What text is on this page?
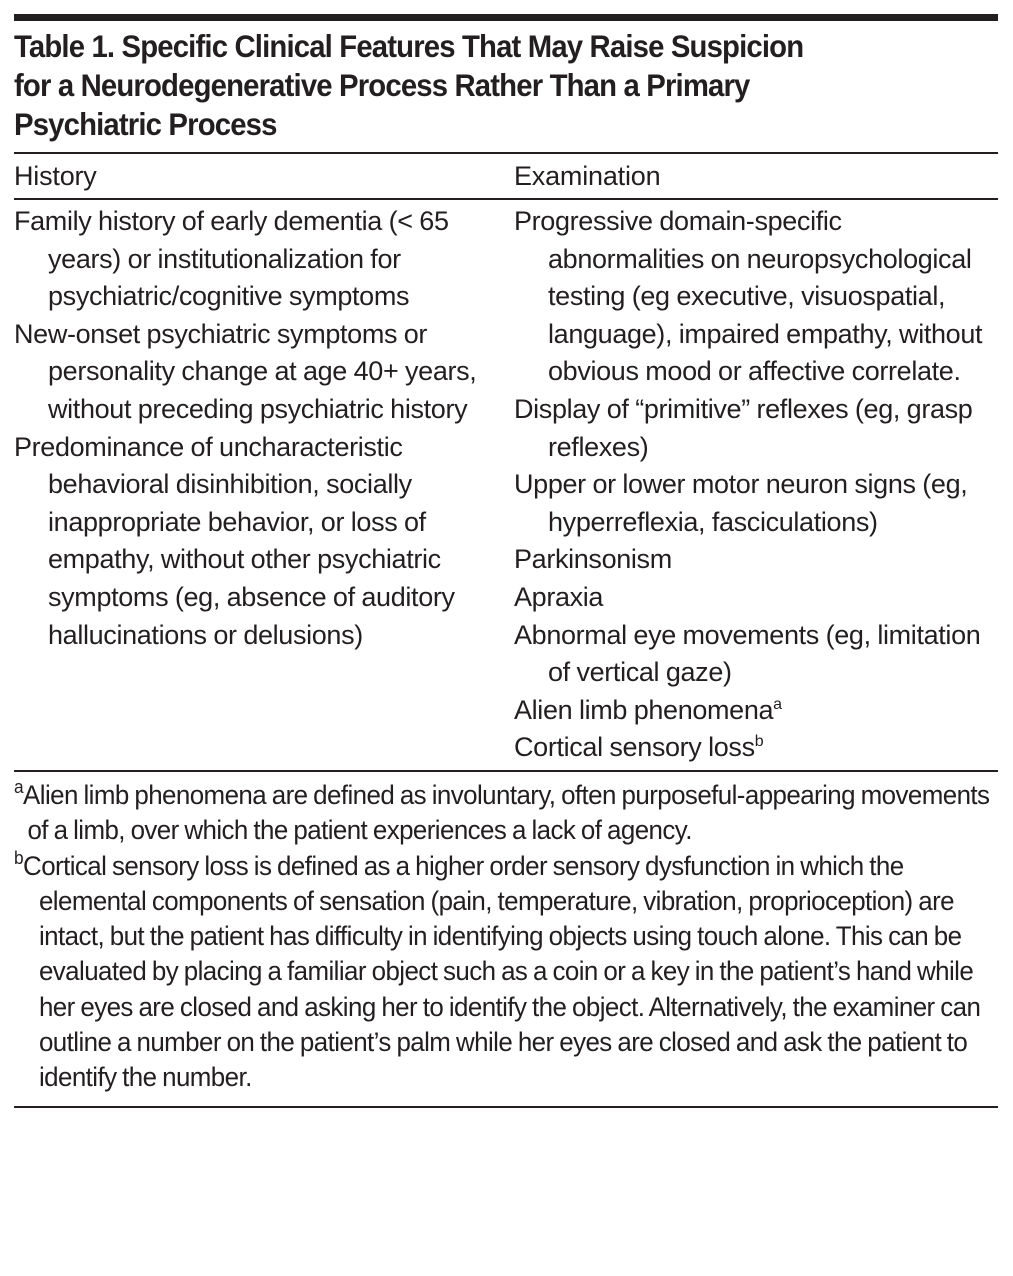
Table 1. Specific Clinical Features That May Raise Suspicion
for a Neurodegenerative Process Rather Than a Primary
Psychiatric Process
History	Examination
Family history of early dementia (< 65 years) or institutionalization for psychiatric/cognitive symptoms
New-onset psychiatric symptoms or personality change at age 40+ years, without preceding psychiatric history
Predominance of uncharacteristic behavioral disinhibition, socially inappropriate behavior, or loss of empathy, without other psychiatric symptoms (eg, absence of auditory hallucinations or delusions)
Progressive domain-specific abnormalities on neuropsychological testing (eg executive, visuospatial, language), impaired empathy, without obvious mood or affective correlate.
Display of “primitive” reflexes (eg, grasp reflexes)
Upper or lower motor neuron signs (eg, hyperreflexia, fasciculations)
Parkinsonism
Apraxia
Abnormal eye movements (eg, limitation of vertical gaze)
Alien limb phenomena$^a$
Cortical sensory loss$^b$
$^a$Alien limb phenomena are defined as involuntary, often purposeful-appearing movements of a limb, over which the patient experiences a lack of agency.
$^b$Cortical sensory loss is defined as a higher order sensory dysfunction in which the elemental components of sensation (pain, temperature, vibration, proprioception) are intact, but the patient has difficulty in identifying objects using touch alone. This can be evaluated by placing a familiar object such as a coin or a key in the patient’s hand while her eyes are closed and asking her to identify the object. Alternatively, the examiner can outline a number on the patient’s palm while her eyes are closed and ask the patient to identify the number.
